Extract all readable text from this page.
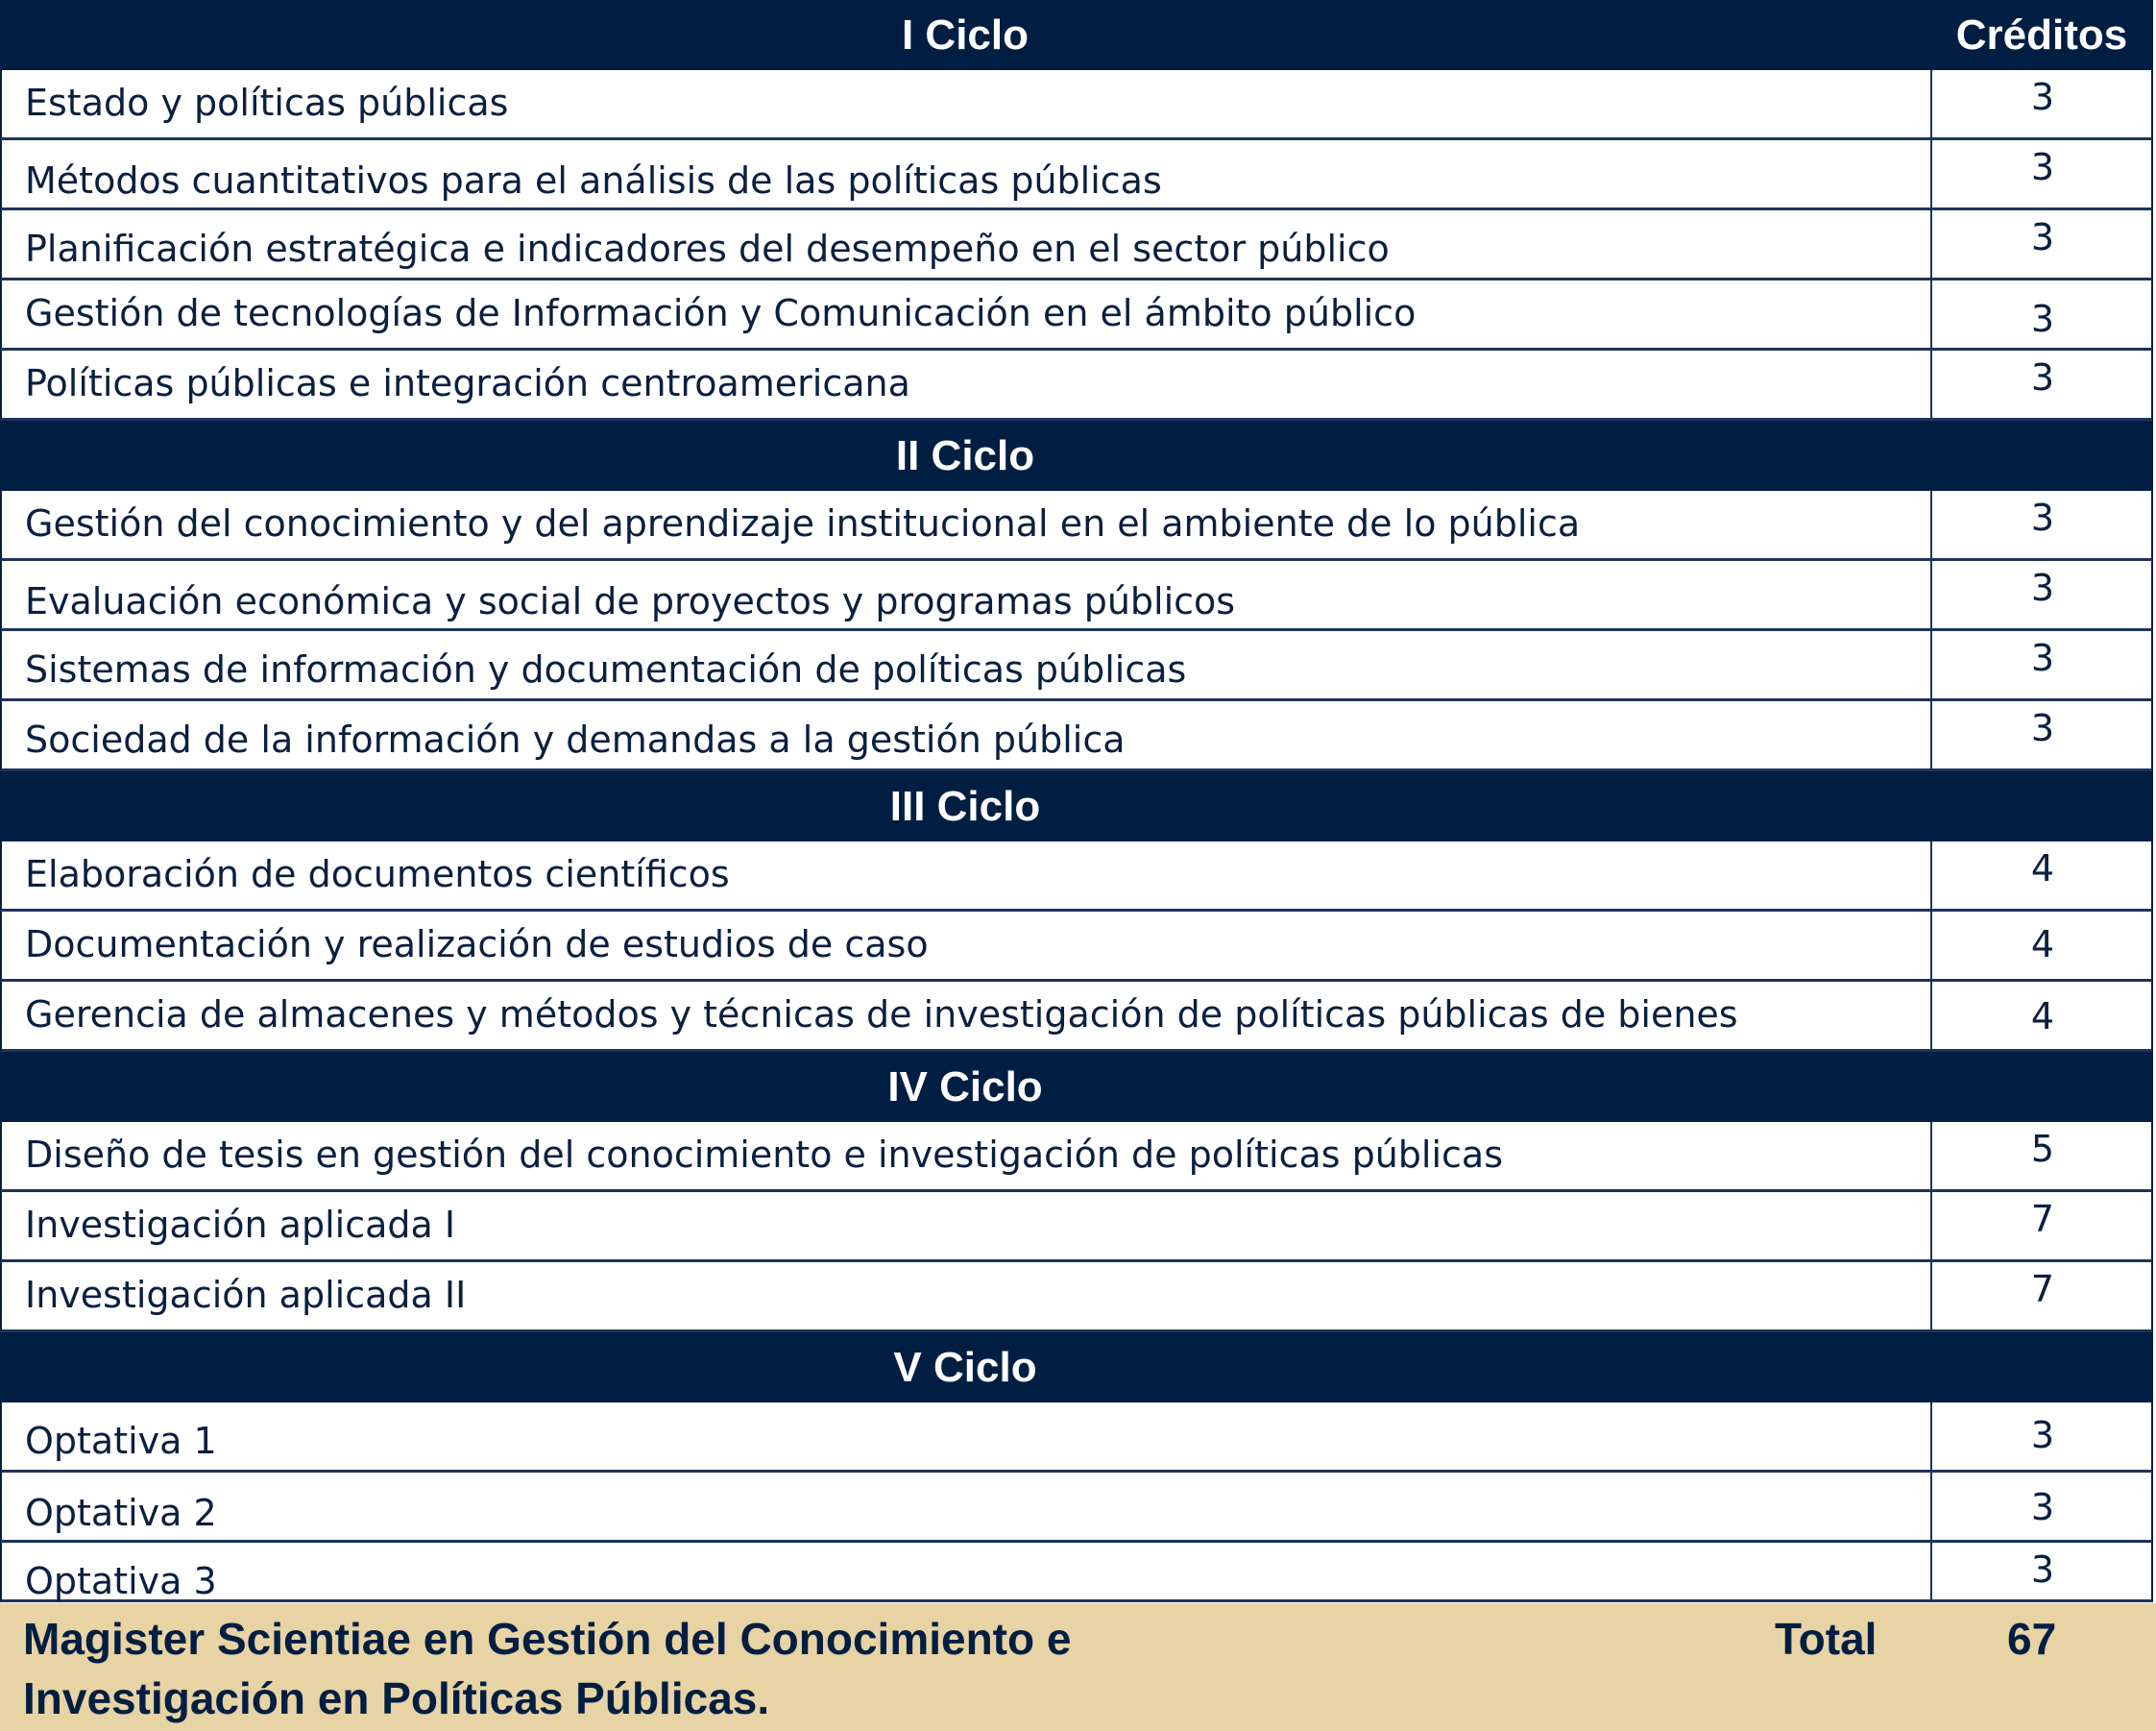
I Ciclo	Créditos
Estado y políticas públicas	3
Métodos cuantitativos para el análisis de las políticas públicas	3
Planificación estratégica e indicadores del desempeño en el sector público	3
Gestión de tecnologías de Información y Comunicación en el ámbito público	3
Políticas públicas e integración centroamericana	3
II Ciclo
Gestión del conocimiento y del aprendizaje institucional en el ambiente de lo pública	3
Evaluación económica y social de proyectos y programas públicos	3
Sistemas de información y documentación de políticas públicas	3
Sociedad de la información y demandas a la gestión pública	3
III Ciclo
Elaboración de documentos científicos	4
Documentación y realización de estudios de caso	4
Gerencia de almacenes y métodos y técnicas de investigación de políticas públicas de bienes	4
IV Ciclo
Diseño de tesis en gestión del conocimiento e investigación de políticas públicas	5
Investigación aplicada I	7
Investigación aplicada II	7
V Ciclo
Optativa 1	3
Optativa 2	3
Optativa 3	3
Magister Scientiae en Gestión del Conocimiento e
Investigación en Políticas Públicas.
Total	67
